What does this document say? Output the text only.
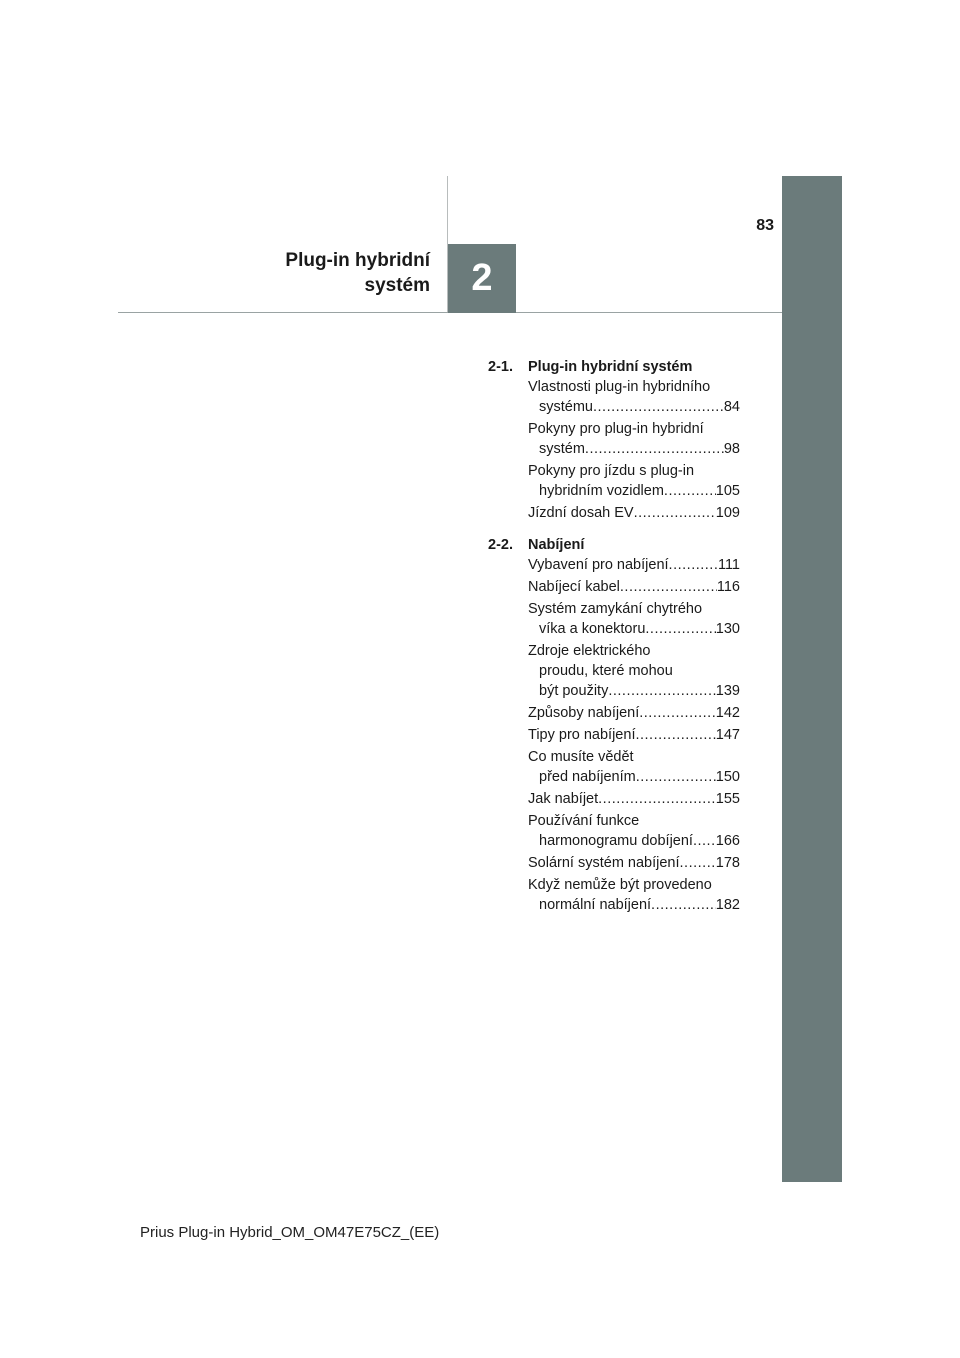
83
Plug-in hybridní
systém	2
2-1.	Plug-in hybridní systém
Vlastnosti plug-in hybridního
systému .....	84
Pokyny pro plug-in hybridní
systém .....	98
Pokyny pro jízdu s plug-in
hybridním vozidlem .....	105
Jízdní dosah EV .....	109
2-2.	Nabíjení
Vybavení pro nabíjení .....	111
Nabíjecí kabel .....	116
Systém zamykání chytrého
víka a konektoru .....	130
Zdroje elektrického
proudu, které mohou
být použity .....	139
Způsoby nabíjení .....	142
Tipy pro nabíjení .....	147
Co musíte vědět
před nabíjením .....	150
Jak nabíjet .....	155
Používání funkce
harmonogramu dobíjení ..... 166
Solární systém nabíjení .....	178
Když nemůže být provedeno
normální nabíjení .....	182
Prius Plug-in Hybrid_OM_OM47E75CZ_(EE)
